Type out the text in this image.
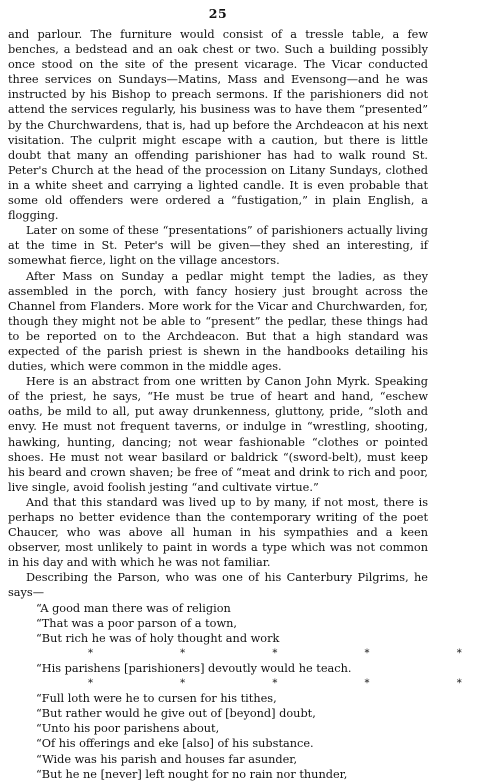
25

and parlour. The furniture would consist of a tressle table, a few benches, a bedstead and an oak chest or two. Such a building possibly once stood on the site of the present vicarage. The Vicar conducted three services on Sundays—Matins, Mass and Evensong—and he was instructed by his Bishop to preach sermons. If the parishioners did not attend the services regularly, his business was to have them “presented” by the Churchwardens, that is, had up before the Archdeacon at his next visitation. The culprit might escape with a caution, but there is little doubt that many an offending parishioner has had to walk round St. Peter's Church at the head of the procession on Litany Sundays, clothed in a white sheet and carrying a lighted candle. It is even probable that some old offenders were ordered a “fustigation,” in plain English, a flogging.

Later on some of these “presentations” of parishioners actually living at the time in St. Peter's will be given—they shed an interesting, if somewhat fierce, light on the village ancestors.

After Mass on Sunday a pedlar might tempt the ladies, as they assembled in the porch, with fancy hosiery just brought across the Channel from Flanders. More work for the Vicar and Churchwarden, for, though they might not be able to “present” the pedlar, these things had to be reported on to the Archdeacon. But that a high standard was expected of the parish priest is shewn in the handbooks detailing his duties, which were common in the middle ages.

Here is an abstract from one written by Canon John Myrk. Speaking of the priest, he says, “He must be true of heart and hand, “eschew oaths, be mild to all, put away drunkenness, gluttony, pride, “sloth and envy. He must not frequent taverns, or indulge in “wrestling, shooting, hawking, hunting, dancing; not wear fashionable “clothes or pointed shoes. He must not wear basilard or baldrick “(sword-belt), must keep his beard and crown shaven; be free of “meat and drink to rich and poor, live single, avoid foolish jesting “and cultivate virtue.”

And that this standard was lived up to by many, if not most, there is perhaps no better evidence than the contemporary writing of the poet Chaucer, who was above all human in his sympathies and a keen observer, most unlikely to paint in words a type which was not common in his day and with which he was not familiar.

Describing the Parson, who was one of his Canterbury Pilgrims, he says—

“A good man there was of religion

“That was a poor parson of a town,

“But rich he was of holy thought and work

* * * * *

“His parishens [parishioners] devoutly would he teach.

* * * * *

“Full loth were he to cursen for his tithes,

“But rather would he give out of [beyond] doubt,

“Unto his poor parishens about,

“Of his offerings and eke [also] of his substance.

“Wide was his parish and houses far asunder,

“But he ne [never] left nought for no rain nor thunder,
